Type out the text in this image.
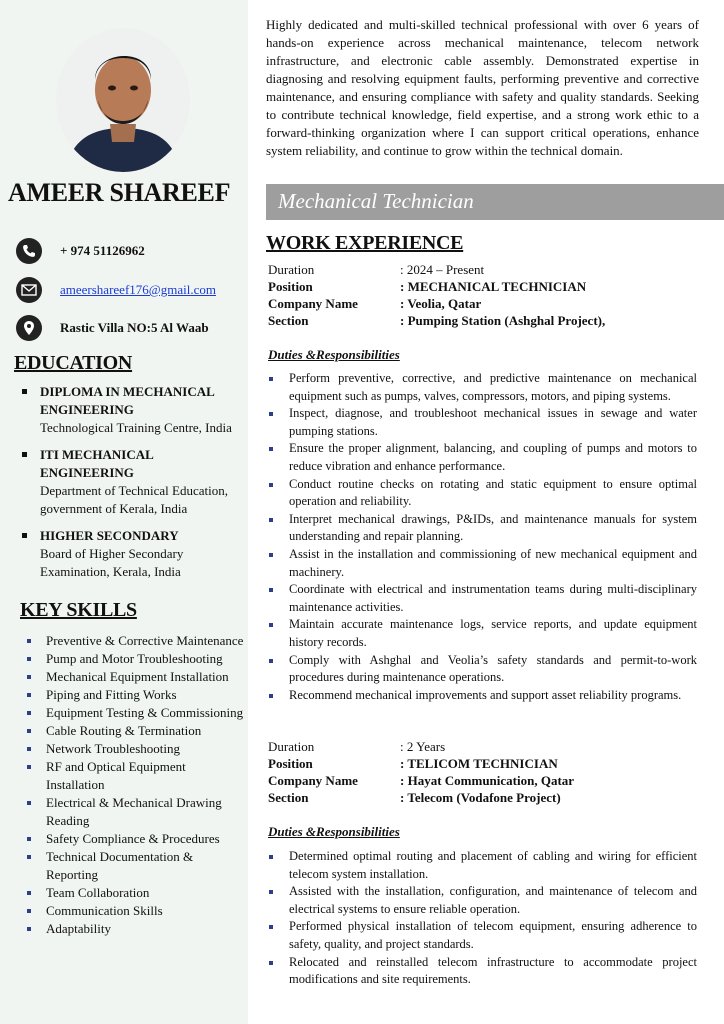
AMEER SHAREEF
+ 974 51126962
ameershareef176@gmail.com
Rastic Villa NO:5 Al Waab
EDUCATION
DIPLOMA IN MECHANICAL ENGINEERING
Technological Training Centre, India
ITI MECHANICAL ENGINEERING
Department of Technical Education, government of Kerala, India
HIGHER SECONDARY
Board of Higher Secondary Examination, Kerala, India
KEY SKILLS
Preventive & Corrective Maintenance
Pump and Motor Troubleshooting
Mechanical Equipment Installation
Piping and Fitting Works
Equipment Testing & Commissioning
Cable Routing & Termination
Network Troubleshooting
RF and Optical Equipment Installation
Electrical & Mechanical Drawing Reading
Safety Compliance & Procedures
Technical Documentation & Reporting
Team Collaboration
Communication Skills
Adaptability
Highly dedicated and multi-skilled technical professional with over 6 years of hands-on experience across mechanical maintenance, telecom network infrastructure, and electronic cable assembly. Demonstrated expertise in diagnosing and resolving equipment faults, performing preventive and corrective maintenance, and ensuring compliance with safety and quality standards. Seeking to contribute technical knowledge, field expertise, and a strong work ethic to a forward-thinking organization where I can support critical operations, enhance system reliability, and continue to grow within the technical domain.
Mechanical Technician
WORK EXPERIENCE
Duration	: 2024 – Present
Position	: MECHANICAL TECHNICIAN
Company Name	: Veolia, Qatar
Section	: Pumping Station (Ashghal Project),
Duties &Responsibilities
Perform preventive, corrective, and predictive maintenance on mechanical equipment such as pumps, valves, compressors, motors, and piping systems.
Inspect, diagnose, and troubleshoot mechanical issues in sewage and water pumping stations.
Ensure the proper alignment, balancing, and coupling of pumps and motors to reduce vibration and enhance performance.
Conduct routine checks on rotating and static equipment to ensure optimal operation and reliability.
Interpret mechanical drawings, P&IDs, and maintenance manuals for system understanding and repair planning.
Assist in the installation and commissioning of new mechanical equipment and machinery.
Coordinate with electrical and instrumentation teams during multi-disciplinary maintenance activities.
Maintain accurate maintenance logs, service reports, and update equipment history records.
Comply with Ashghal and Veolia’s safety standards and permit-to-work procedures during maintenance operations.
Recommend mechanical improvements and support asset reliability programs.
Duration	: 2 Years
Position	: TELICOM TECHNICIAN
Company Name	: Hayat Communication, Qatar
Section	: Telecom (Vodafone Project)
Duties &Responsibilities
Determined optimal routing and placement of cabling and wiring for efficient telecom system installation.
Assisted with the installation, configuration, and maintenance of telecom and electrical systems to ensure reliable operation.
Performed physical installation of telecom equipment, ensuring adherence to safety, quality, and project standards.
Relocated and reinstalled telecom infrastructure to accommodate project modifications and site requirements.
